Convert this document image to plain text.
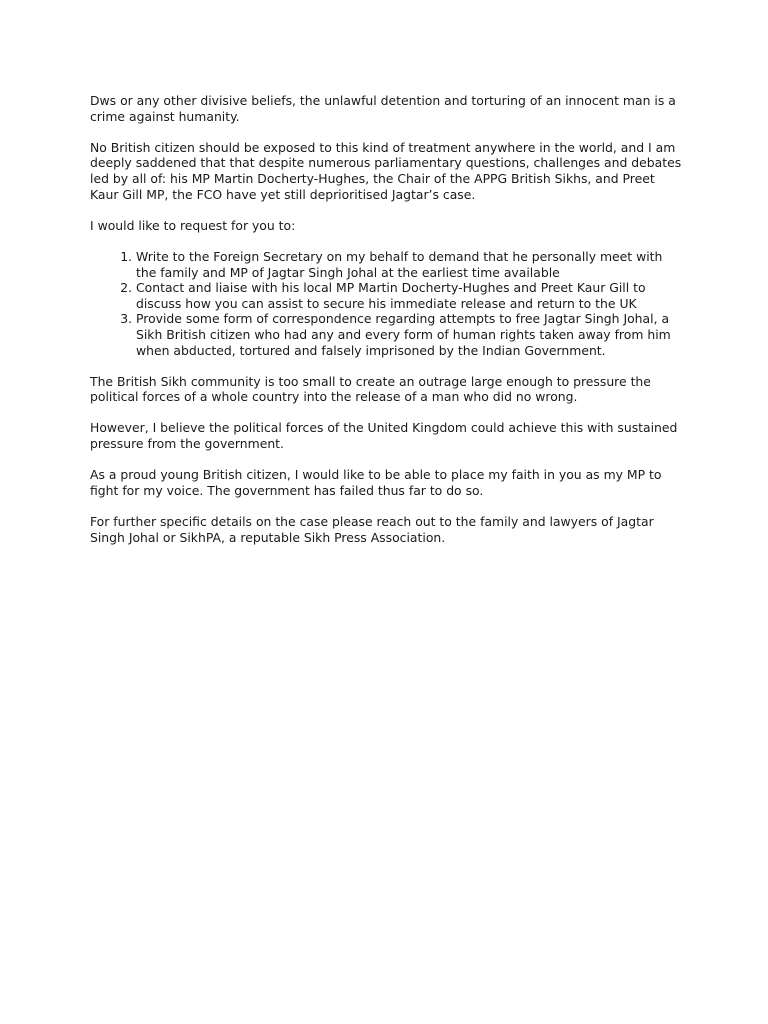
Dws or any other divisive beliefs, the unlawful detention and torturing of an innocent man is a crime against humanity.

No British citizen should be exposed to this kind of treatment anywhere in the world, and I am deeply saddened that that despite numerous parliamentary questions, challenges and debates led by all of: his MP Martin Docherty-Hughes, the Chair of the APPG British Sikhs, and Preet Kaur Gill MP, the FCO have yet still deprioritised Jagtar’s case.

I would like to request for you to:

1. Write to the Foreign Secretary on my behalf to demand that he personally meet with the family and MP of Jagtar Singh Johal at the earliest time available
2. Contact and liaise with his local MP Martin Docherty-Hughes and Preet Kaur Gill to discuss how you can assist to secure his immediate release and return to the UK
3. Provide some form of correspondence regarding attempts to free Jagtar Singh Johal, a Sikh British citizen who had any and every form of human rights taken away from him when abducted, tortured and falsely imprisoned by the Indian Government.

The British Sikh community is too small to create an outrage large enough to pressure the political forces of a whole country into the release of a man who did no wrong.

However, I believe the political forces of the United Kingdom could achieve this with sustained pressure from the government.

As a proud young British citizen, I would like to be able to place my faith in you as my MP to fight for my voice. The government has failed thus far to do so.

For further specific details on the case please reach out to the family and lawyers of Jagtar Singh Johal or SikhPA, a reputable Sikh Press Association.
